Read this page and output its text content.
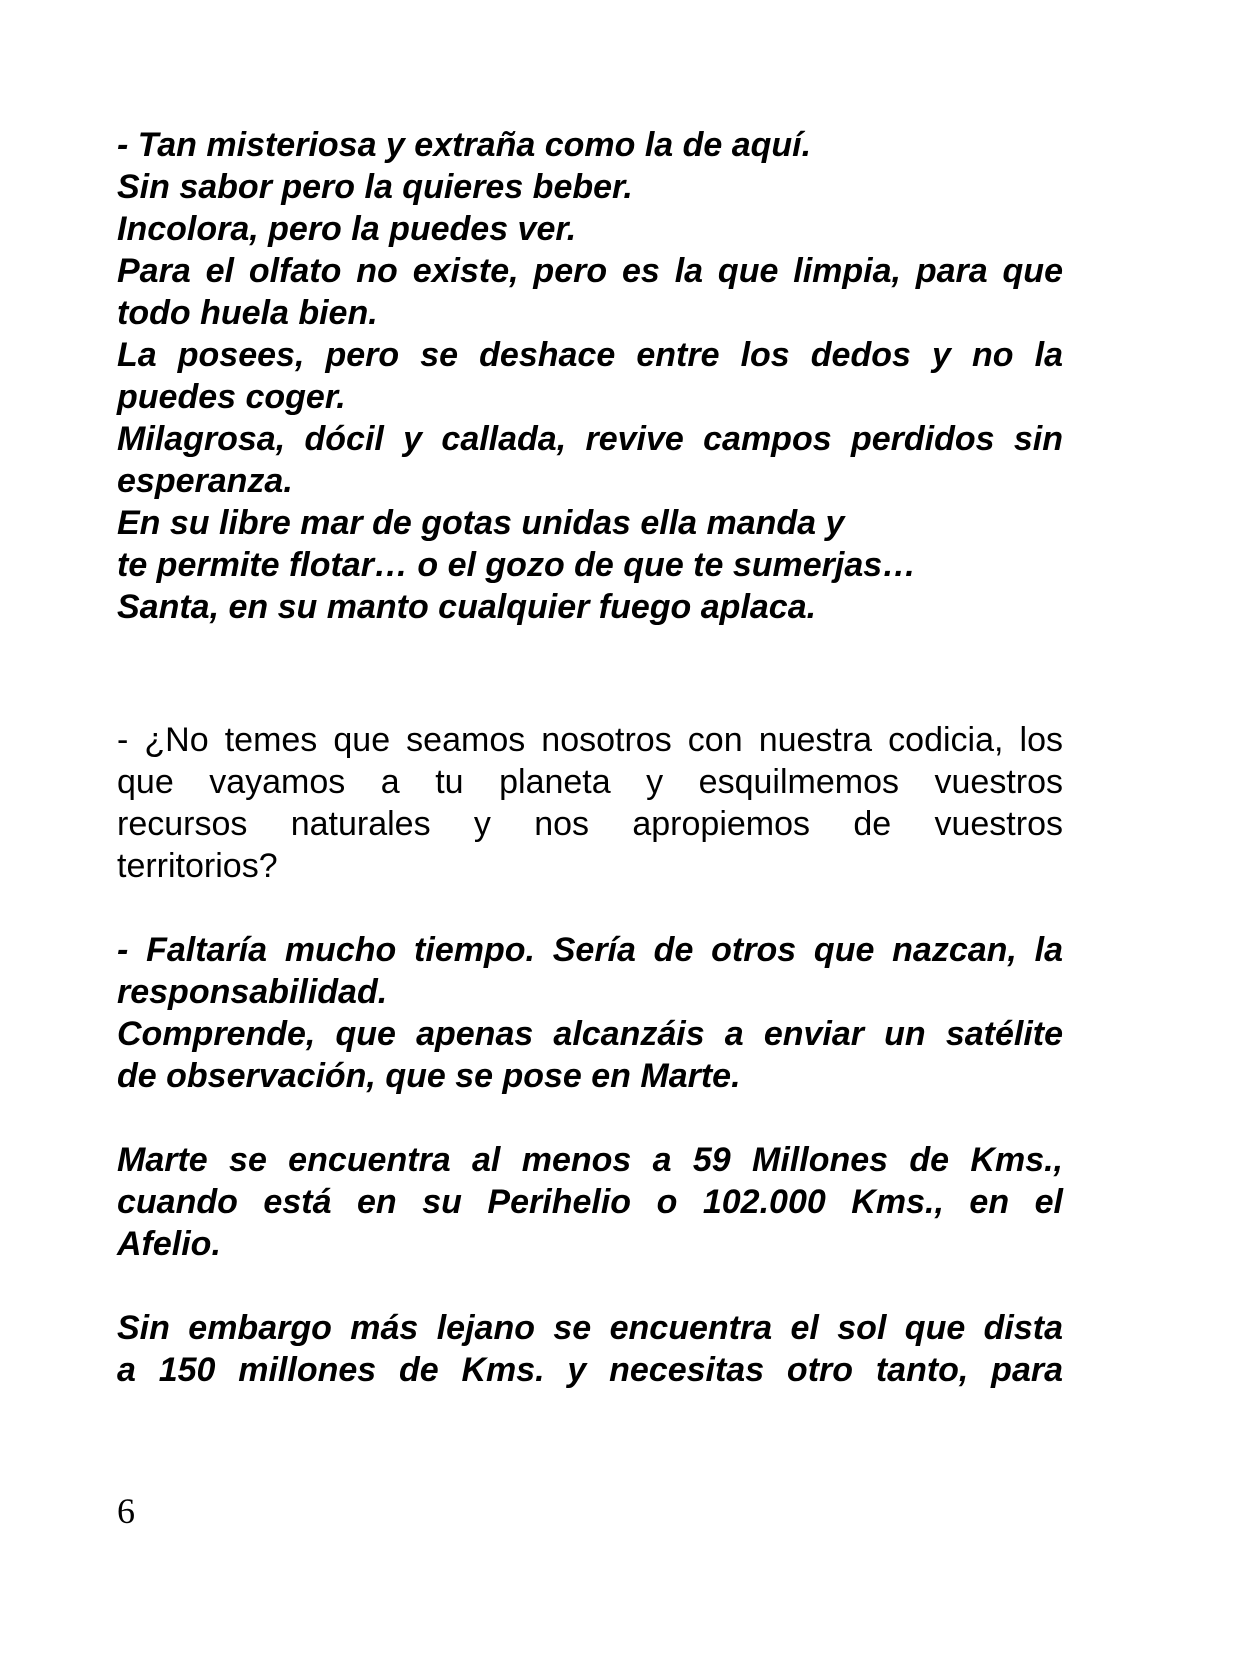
- Tan misteriosa y extraña como la de aquí.
Sin sabor pero la quieres beber.
Incolora, pero la puedes ver.
Para el olfato no existe, pero es la que limpia, para que
todo huela bien.
La posees, pero se deshace entre los dedos y no la
puedes coger.
Milagrosa, dócil y callada, revive campos perdidos sin
esperanza.
En su libre mar de gotas unidas ella manda y
te permite flotar… o el gozo de que te sumerjas…
Santa, en su manto cualquier fuego aplaca.
- ¿No temes que seamos nosotros con nuestra codicia, los
que vayamos a tu planeta y esquilmemos vuestros
recursos naturales y nos apropiemos de vuestros
territorios?
- Faltaría mucho tiempo. Sería de otros que nazcan, la
responsabilidad.
Comprende, que apenas alcanzáis a enviar un satélite
de observación, que se pose en Marte.
Marte se encuentra al menos a 59 Millones de Kms.,
cuando está en su Perihelio o 102.000 Kms., en el
Afelio.
Sin embargo más lejano se encuentra el sol que dista
a 150 millones de Kms. y necesitas otro tanto, para
6
